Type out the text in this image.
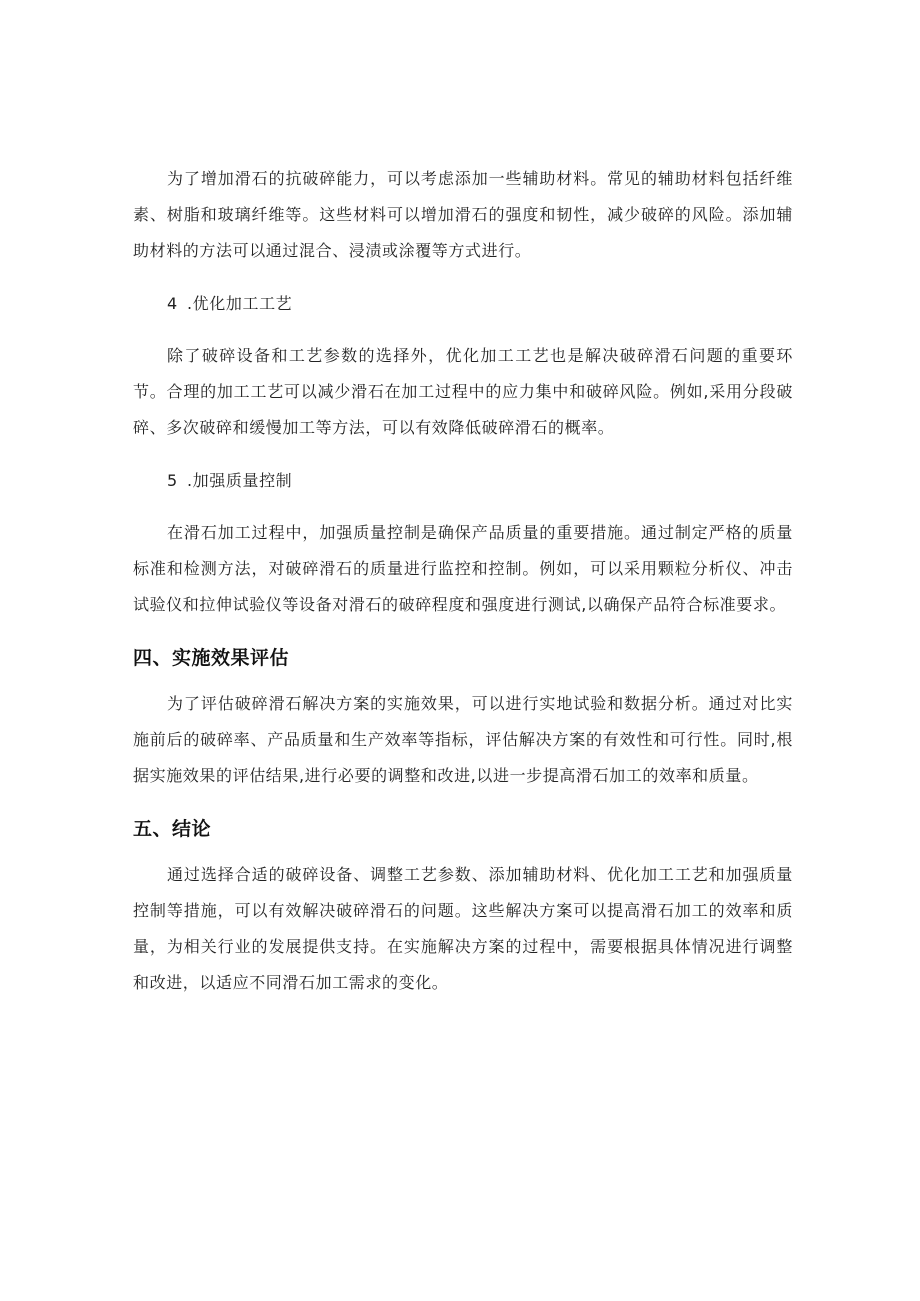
为了增加滑石的抗破碎能力，可以考虑添加一些辅助材料。常见的辅助材料包括纤维素、树脂和玻璃纤维等。这些材料可以增加滑石的强度和韧性，减少破碎的风险。添加辅助材料的方法可以通过混合、浸渍或涂覆等方式进行。

4 .优化加工工艺

除了破碎设备和工艺参数的选择外，优化加工工艺也是解决破碎滑石问题的重要环节。合理的加工工艺可以减少滑石在加工过程中的应力集中和破碎风险。例如,采用分段破碎、多次破碎和缓慢加工等方法，可以有效降低破碎滑石的概率。

5 .加强质量控制

在滑石加工过程中，加强质量控制是确保产品质量的重要措施。通过制定严格的质量标准和检测方法，对破碎滑石的质量进行监控和控制。例如，可以采用颗粒分析仪、冲击试验仪和拉伸试验仪等设备对滑石的破碎程度和强度进行测试,以确保产品符合标准要求。

四、实施效果评估

为了评估破碎滑石解决方案的实施效果，可以进行实地试验和数据分析。通过对比实施前后的破碎率、产品质量和生产效率等指标，评估解决方案的有效性和可行性。同时,根据实施效果的评估结果,进行必要的调整和改进,以进一步提高滑石加工的效率和质量。

五、结论

通过选择合适的破碎设备、调整工艺参数、添加辅助材料、优化加工工艺和加强质量控制等措施，可以有效解决破碎滑石的问题。这些解决方案可以提高滑石加工的效率和质量，为相关行业的发展提供支持。在实施解决方案的过程中，需要根据具体情况进行调整和改进，以适应不同滑石加工需求的变化。
